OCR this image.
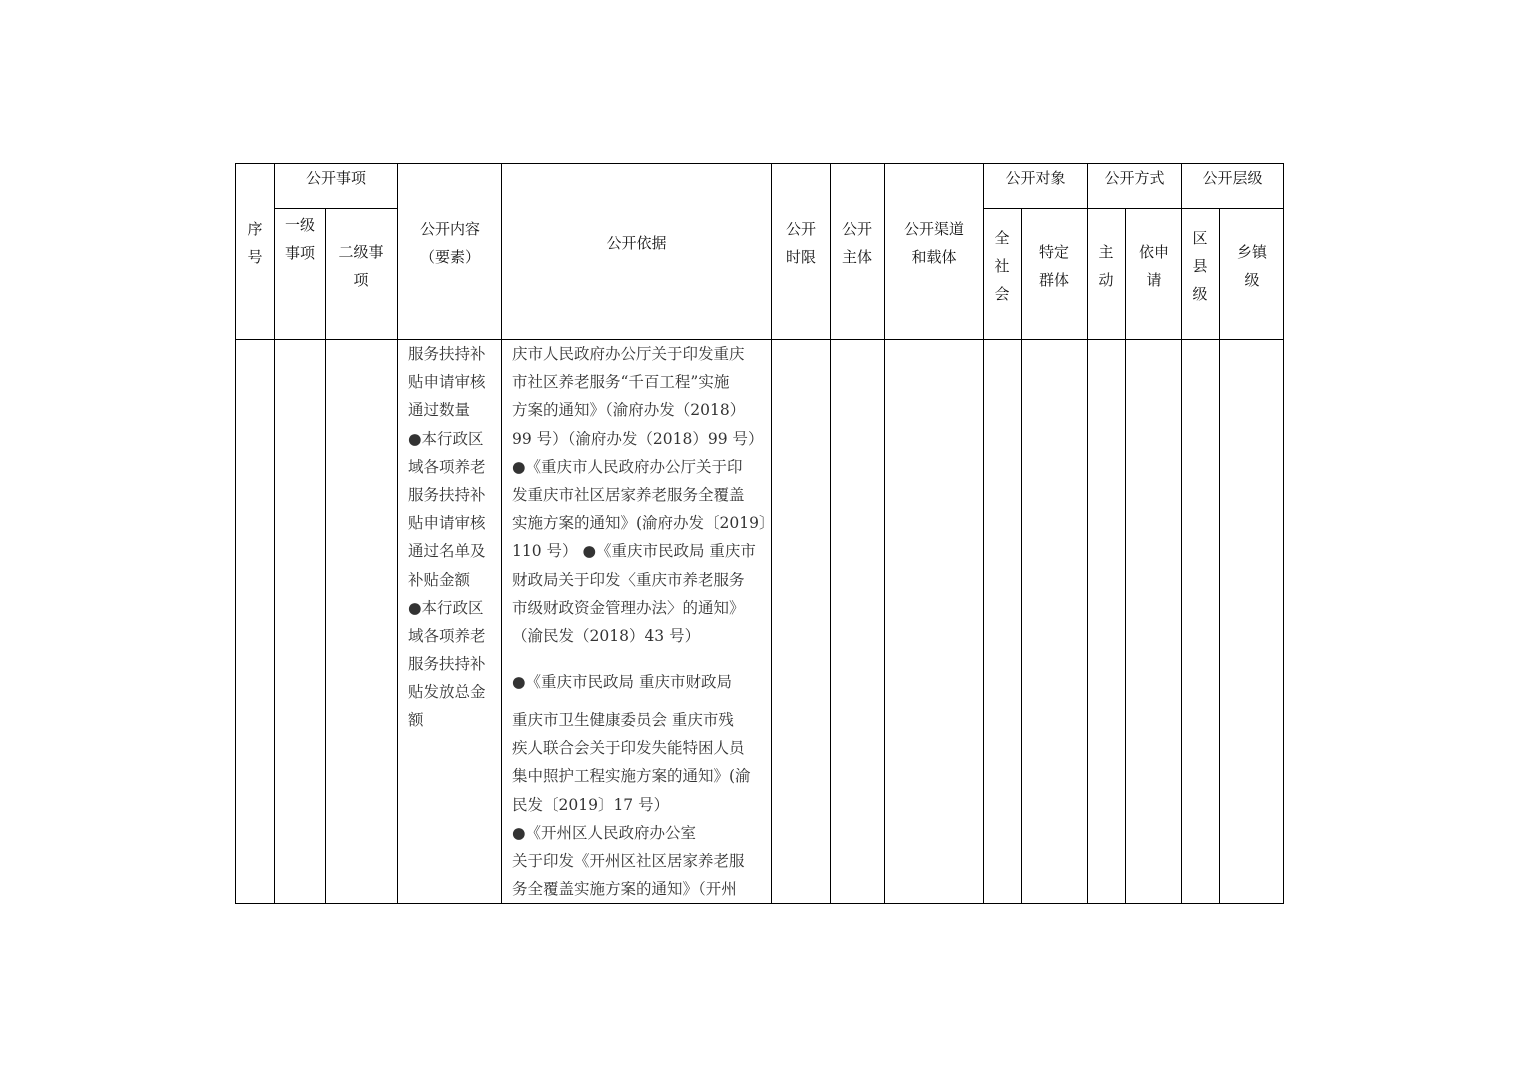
序号
公开事项
一级事项	二级事项
公开内容（要素）
公开依据
公开时限
公开主体
公开渠道和载体
公开对象
全社会
特定群体
公开方式
主动
依申请
公开层级
区县级
乡镇级
服务扶持补
贴申请审核
通过数量
●本行政区
域各项养老
服务扶持补
贴申请审核
通过名单及
补贴金额
●本行政区
域各项养老
服务扶持补
贴发放总金
额
庆市人民政府办公厅关于印发重庆
市社区养老服务“千百工程”实施
方案的通知》（渝府办发（2018）
99 号）（渝府办发（2018）99 号）
●《重庆市人民政府办公厅关于印
发重庆市社区居家养老服务全覆盖
实施方案的通知》(渝府办发〔2019〕
110 号） ●《重庆市民政局 重庆市
财政局关于印发〈重庆市养老服务
市级财政资金管理办法〉的通知》
（渝民发（2018）43 号）
●《重庆市民政局 重庆市财政局
重庆市卫生健康委员会 重庆市残
疾人联合会关于印发失能特困人员
集中照护工程实施方案的通知》(渝
民发〔2019〕17 号）
●《开州区人民政府办公室
关于印发《开州区社区居家养老服
务全覆盖实施方案的通知》（开州
